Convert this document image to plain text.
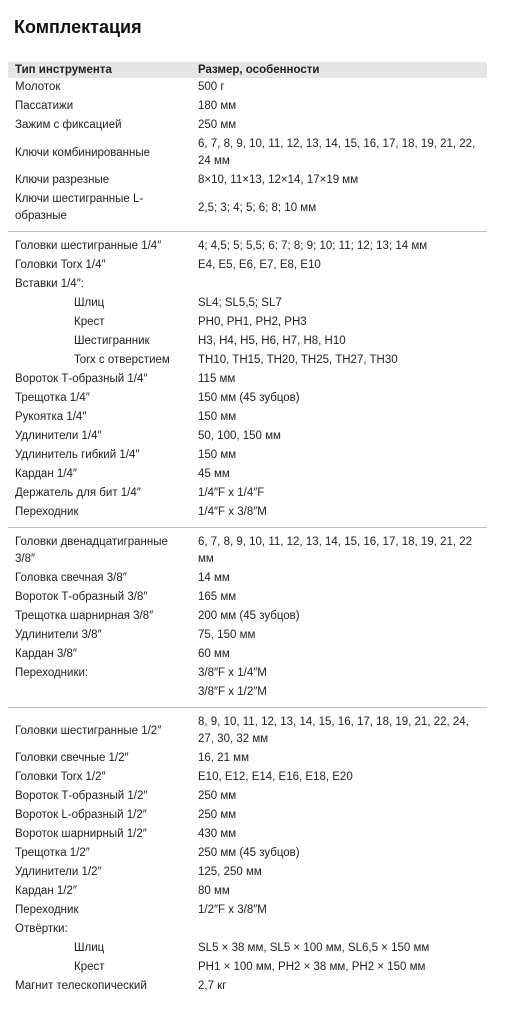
Комплектация
Тип инструмента	Размер, особенности
Молоток	500 г
Пассатижи	180 мм
Зажим с фиксацией	250 мм
Ключи комбинированные	6, 7, 8, 9, 10, 11, 12, 13, 14, 15, 16, 17, 18, 19, 21, 22, 24 мм
Ключи разрезные	8×10, 11×13, 12×14, 17×19 мм
Ключи шестигранные L-образные	2,5; 3; 4; 5; 6; 8; 10 мм

Головки шестигранные 1/4″	4; 4,5; 5; 5,5; 6; 7; 8; 9; 10; 11; 12; 13; 14 мм
Головки Torx 1/4″	E4, E5, E6, E7, E8, E10
Вставки 1/4″:	
Шлиц	SL4; SL5,5; SL7
Крест	PH0, PH1, PH2, PH3
Шестигранник	H3, H4, H5, H6, H7, H8, H10
Torx с отверстием	TH10, TH15, TH20, TH25, TH27, TH30
Вороток Т-образный 1/4″	115 мм
Трещотка 1/4″	150 мм (45 зубцов)
Рукоятка 1/4″	150 мм
Удлинители 1/4″	50, 100, 150 мм
Удлинитель гибкий 1/4″	150 мм
Кардан 1/4″	45 мм
Держатель для бит 1/4″	1/4″F x 1/4″F
Переходник	1/4″F x 3/8″M

Головки двенадцатигранные 3/8″	6, 7, 8, 9, 10, 11, 12, 13, 14, 15, 16, 17, 18, 19, 21, 22 мм
Головка свечная 3/8″	14 мм
Вороток Т-образный 3/8″	165 мм
Трещотка шарнирная 3/8″	200 мм (45 зубцов)
Удлинители 3/8″	75, 150 мм
Кардан 3/8″	60 мм
Переходники:	3/8″F x 1/4″M
	3/8″F x 1/2″M

Головки шестигранные 1/2″	8, 9, 10, 11, 12, 13, 14, 15, 16, 17, 18, 19, 21, 22, 24, 27, 30, 32 мм
Головки свечные 1/2″	16, 21 мм
Головки Torx 1/2″	E10, E12, E14, E16, E18, E20
Вороток Т-образный 1/2″	250 мм
Вороток L-образный 1/2″	250 мм
Вороток шарнирный 1/2″	430 мм
Трещотка 1/2″	250 мм (45 зубцов)
Удлинители 1/2″	125, 250 мм
Кардан 1/2″	80 мм
Переходник	1/2″F x 3/8″M
Отвёртки:	
Шлиц	SL5 × 38 мм, SL5 × 100 мм, SL6,5 × 150 мм
Крест	PH1 × 100 мм, PH2 × 38 мм, PH2 × 150 мм
Магнит телескопический	2,7 кг
